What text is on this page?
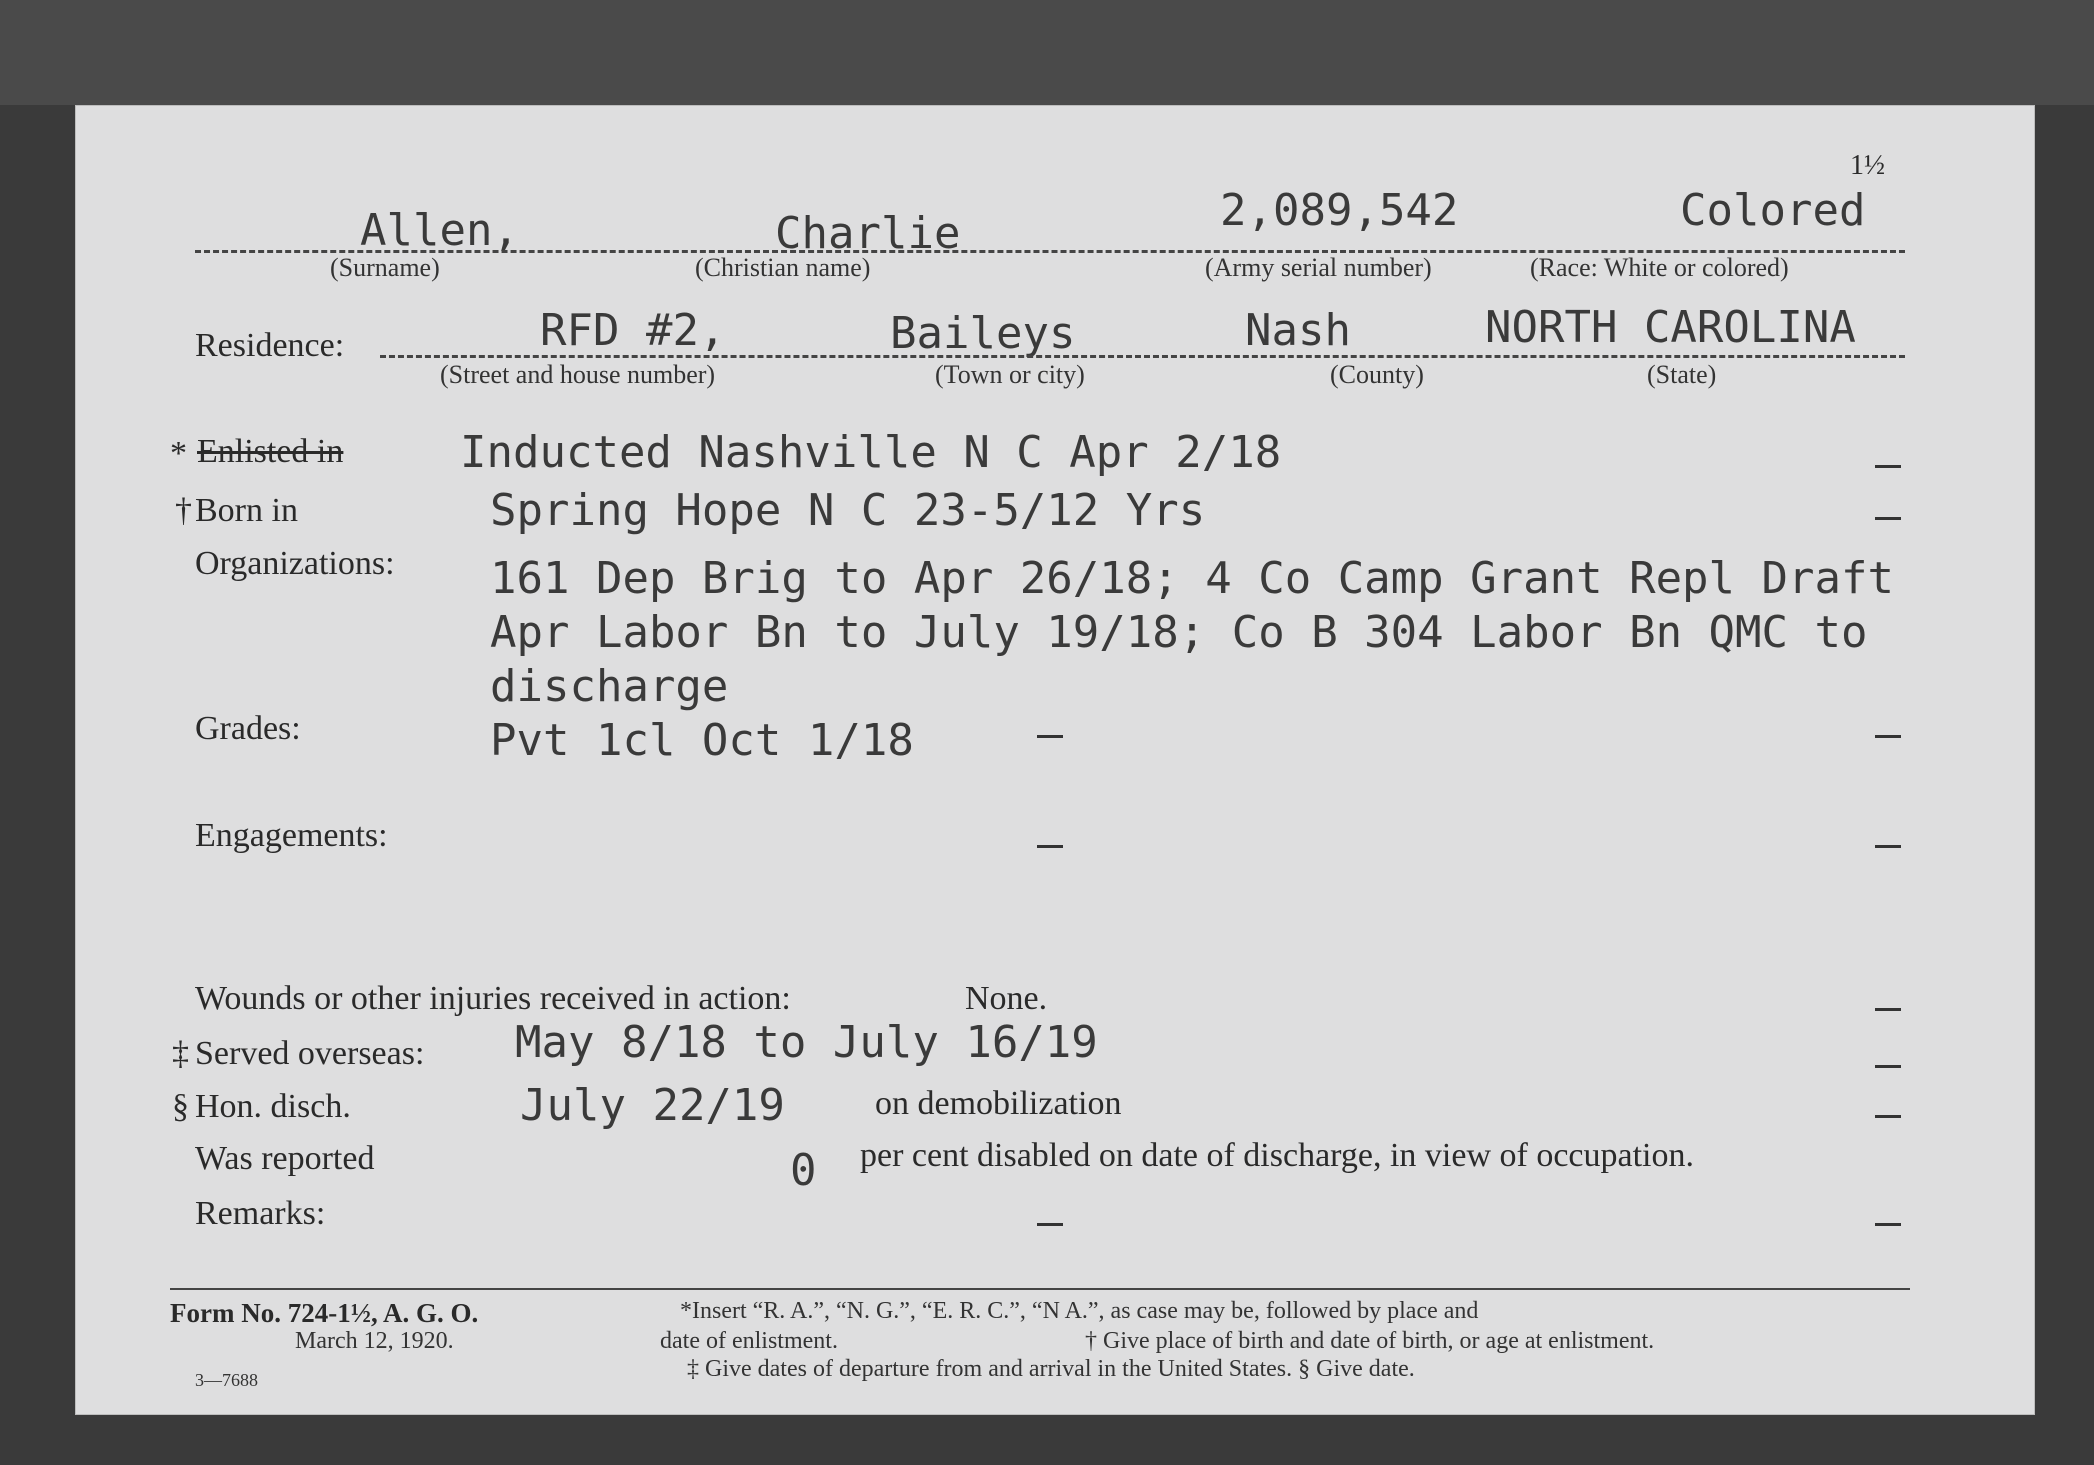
1½
Allen,	Charlie	2,089,542	Colored
(Surname)	(Christian name)	(Army serial number)	(Race: White or colored)
Residence:	RFD #2,	Baileys	Nash	NORTH CAROLINA
(Street and house number)	(Town or city)	(County)	(State)
* Enlisted in	Inducted Nashville N C Apr 2/18
† Born in	Spring Hope N C 23-5/12 Yrs
Organizations: 161 Dep Brig to Apr 26/18; 4 Co Camp Grant Repl Draft
Apr Labor Bn to July 19/18; Co B 304 Labor Bn QMC to
discharge
Grades:	Pvt 1cl Oct 1/18
Engagements:
Wounds or other injuries received in action:	None.
‡ Served overseas: May 8/18 to July 16/19
§ Hon. disch.	July 22/19	on demobilization
Was reported	0 per cent disabled on date of discharge, in view of occupation.
Remarks:
Form No. 724-1½, A. G. O.
March 12, 1920.
3—7688
*Insert “R. A.”, “N. G.”, “E. R. C.”, “N A.”, as case may be, followed by place and
date of enlistment.	† Give place of birth and date of birth, or age at enlistment.
‡ Give dates of departure from and arrival in the United States. § Give date.
